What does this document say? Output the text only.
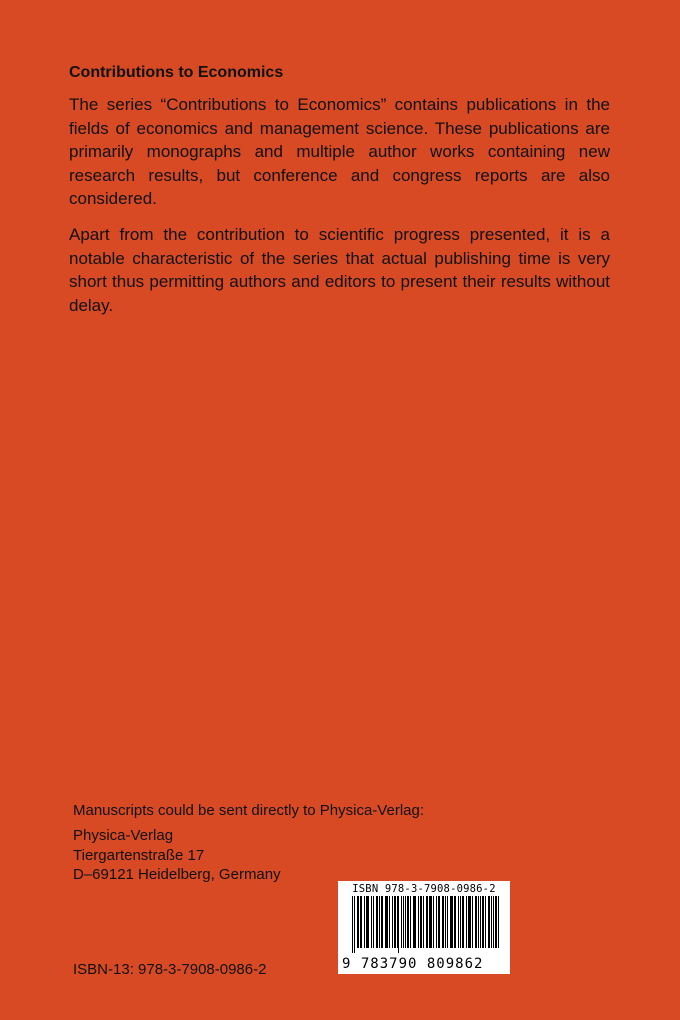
Contributions to Economics

The series “Contributions to Economics” contains publications in the fields of economics and management science. These publications are primarily monographs and multiple author works containing new research results, but conference and congress reports are also considered.

Apart from the contribution to scientific progress presented, it is a notable characteristic of the series that actual publishing time is very short thus permitting authors and editors to present their results without delay.

Manuscripts could be sent directly to Physica-Verlag:

Physica-Verlag
Tiergartenstraße 17
D–69121 Heidelberg, Germany

ISBN-13: 978-3-7908-0986-2

ISBN 978-3-7908-0986-2
9 783790 809862
